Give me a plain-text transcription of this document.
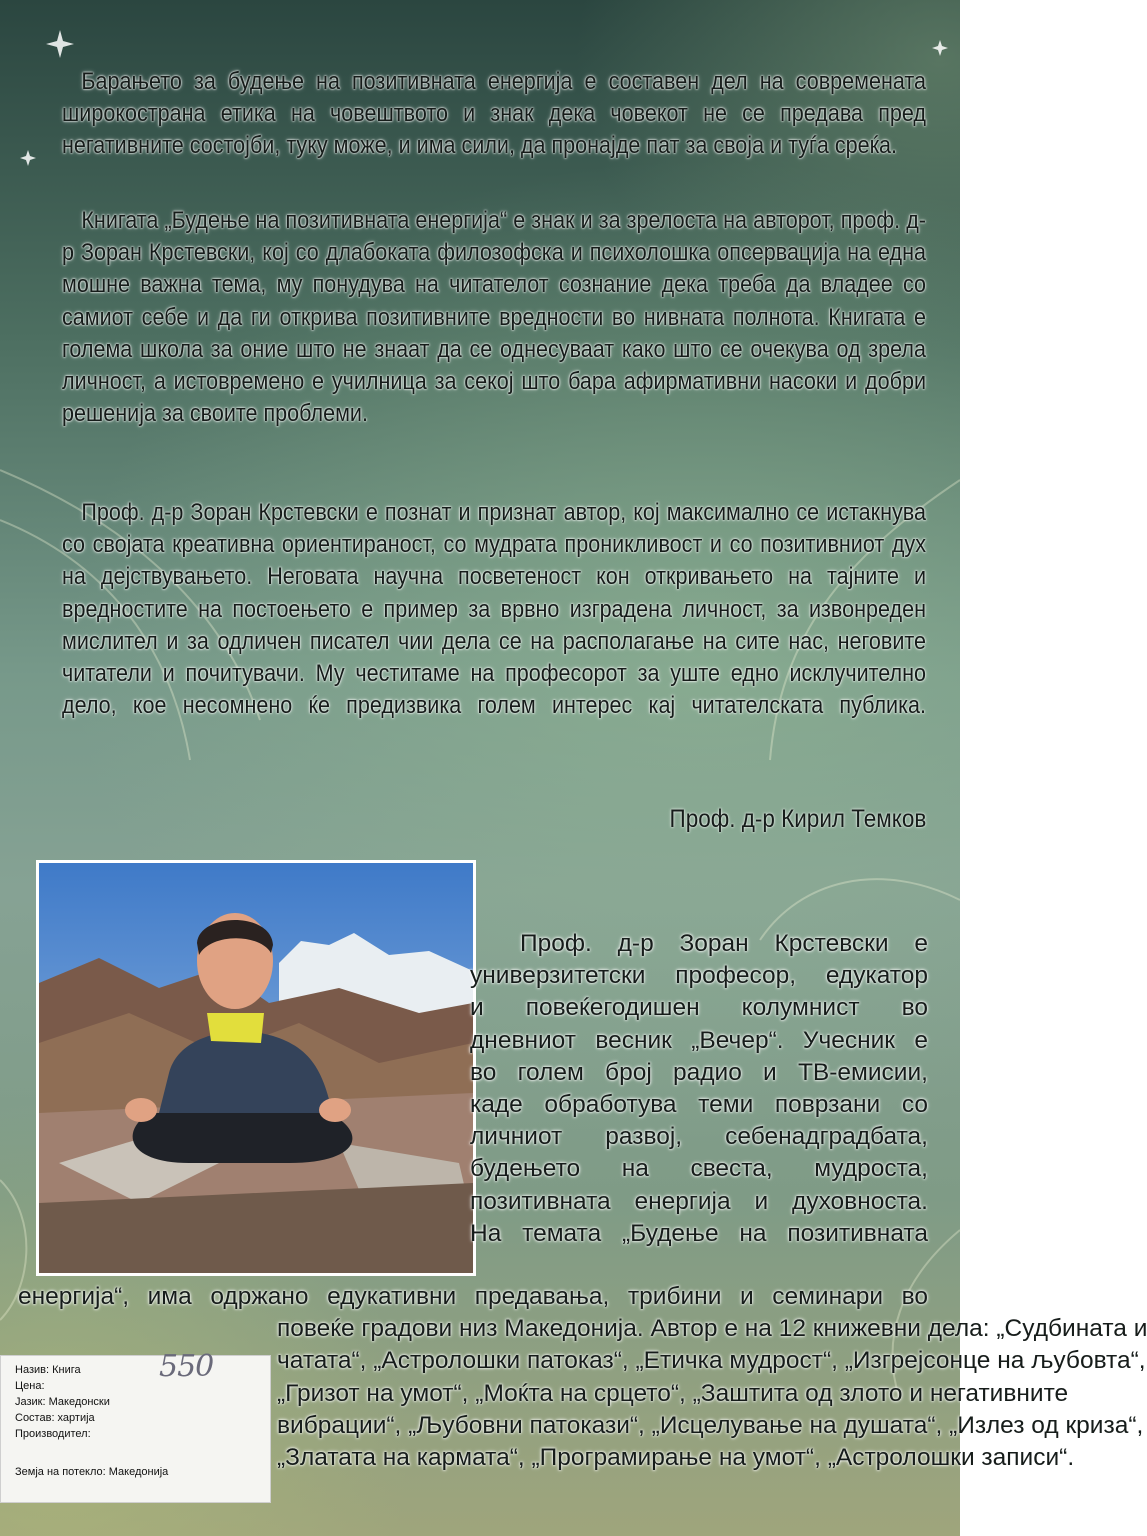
Барањето за будење на позитивната енергија е составен дел на современата широкострана етика на човештвото и знак дека човекот не се предава пред негативните состојби, туку може, и има сили, да пронајде пат за своја и туѓа среќа.

Книгата „Будење на позитивната енергија“ е знак и за зрелоста на авторот, проф. д-р Зоран Крстевски, кој со длабоката филозофска и психолошка опсервација на една мошне важна тема, му понудува на читателот сознание дека треба да владее со самиот себе и да ги открива позитивните вредности во нивната полнота. Книгата е голема школа за оние што не знаат да се однесуваат како што се очекува од зрела личност, а истовремено е училница за секој што бара афирмативни насоки и добри решенија за своите проблеми.

Проф. д-р Зоран Крстевски е познат и признат автор, кој максимално се истакнува со својата креативна ориентираност, со мудрата проникливост и со позитивниот дух на дејствувањето. Неговата научна посветеност кон откривањето на тајните и вредностите на постоењето е пример за врвно изградена личност, за извонреден мислител и за одличен писател чии дела се на располагање на сите нас, неговите читатели и почитувачи. Му честитаме на професорот за уште едно исклучително дело, кое несомнено ќе предизвика голем интерес кај читателската публика.

Проф. д-р Кирил Темков
Проф. д-р Зоран Крстевски е
универзитетски професор, едукатор
и повеќегодишен колумнист во
дневниот весник „Вечер“. Учесник е
во голем број радио и ТВ-емисии,
каде обработува теми поврзани со
личниот развој, себенадградбата,
будењето на свеста, мудроста,
позитивната енергија и духовноста.
На темата „Будење на позитивната
енергија“, има одржано едукативни предавања, трибини и семинари во
повеќе градови низ Македонија. Автор е на 12 книжевни дела: „Судбината и
чатата“, „Астролошки патоказ“, „Етичка мудрост“, „Изгрејсонце на љубовта“,
„Гризот на умот“, „Моќта на срцето“, „Заштита од злото и негативните
вибрации“, „Љубовни патокази“, „Исцелување на душата“, „Излез од криза“,
„Златата на кармата“, „Програмирање на умот“, „Астролошки записи“.
Назив: Книга
Цена:
Јазик: Македонски
Состав: хартија
Производител:
Земја на потекло: Македонија
550
